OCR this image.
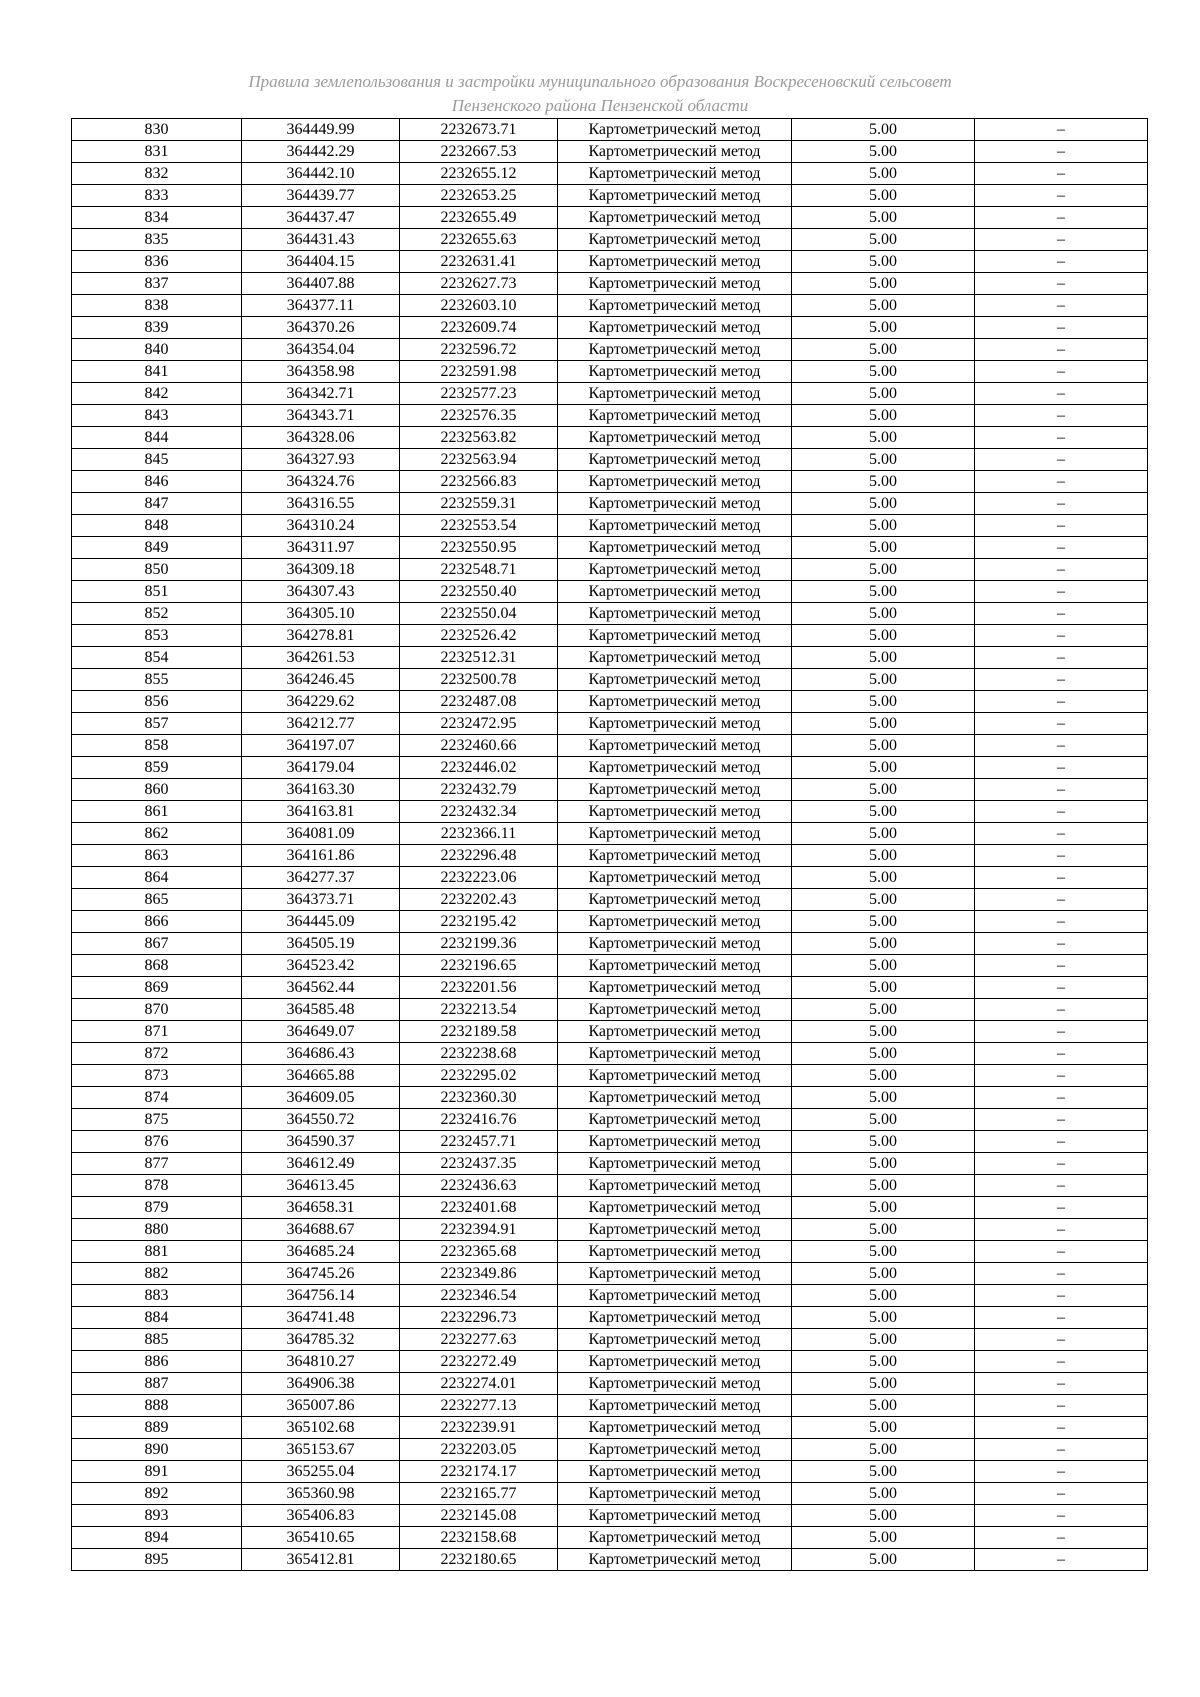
Правила землепользования и застройки муниципального образования Воскресеновский сельсовет
Пензенского района Пензенской области
830	364449.99	2232673.71	Картометрический метод	5.00	–
831	364442.29	2232667.53	Картометрический метод	5.00	–
832	364442.10	2232655.12	Картометрический метод	5.00	–
833	364439.77	2232653.25	Картометрический метод	5.00	–
834	364437.47	2232655.49	Картометрический метод	5.00	–
835	364431.43	2232655.63	Картометрический метод	5.00	–
836	364404.15	2232631.41	Картометрический метод	5.00	–
837	364407.88	2232627.73	Картометрический метод	5.00	–
838	364377.11	2232603.10	Картометрический метод	5.00	–
839	364370.26	2232609.74	Картометрический метод	5.00	–
840	364354.04	2232596.72	Картометрический метод	5.00	–
841	364358.98	2232591.98	Картометрический метод	5.00	–
842	364342.71	2232577.23	Картометрический метод	5.00	–
843	364343.71	2232576.35	Картометрический метод	5.00	–
844	364328.06	2232563.82	Картометрический метод	5.00	–
845	364327.93	2232563.94	Картометрический метод	5.00	–
846	364324.76	2232566.83	Картометрический метод	5.00	–
847	364316.55	2232559.31	Картометрический метод	5.00	–
848	364310.24	2232553.54	Картометрический метод	5.00	–
849	364311.97	2232550.95	Картометрический метод	5.00	–
850	364309.18	2232548.71	Картометрический метод	5.00	–
851	364307.43	2232550.40	Картометрический метод	5.00	–
852	364305.10	2232550.04	Картометрический метод	5.00	–
853	364278.81	2232526.42	Картометрический метод	5.00	–
854	364261.53	2232512.31	Картометрический метод	5.00	–
855	364246.45	2232500.78	Картометрический метод	5.00	–
856	364229.62	2232487.08	Картометрический метод	5.00	–
857	364212.77	2232472.95	Картометрический метод	5.00	–
858	364197.07	2232460.66	Картометрический метод	5.00	–
859	364179.04	2232446.02	Картометрический метод	5.00	–
860	364163.30	2232432.79	Картометрический метод	5.00	–
861	364163.81	2232432.34	Картометрический метод	5.00	–
862	364081.09	2232366.11	Картометрический метод	5.00	–
863	364161.86	2232296.48	Картометрический метод	5.00	–
864	364277.37	2232223.06	Картометрический метод	5.00	–
865	364373.71	2232202.43	Картометрический метод	5.00	–
866	364445.09	2232195.42	Картометрический метод	5.00	–
867	364505.19	2232199.36	Картометрический метод	5.00	–
868	364523.42	2232196.65	Картометрический метод	5.00	–
869	364562.44	2232201.56	Картометрический метод	5.00	–
870	364585.48	2232213.54	Картометрический метод	5.00	–
871	364649.07	2232189.58	Картометрический метод	5.00	–
872	364686.43	2232238.68	Картометрический метод	5.00	–
873	364665.88	2232295.02	Картометрический метод	5.00	–
874	364609.05	2232360.30	Картометрический метод	5.00	–
875	364550.72	2232416.76	Картометрический метод	5.00	–
876	364590.37	2232457.71	Картометрический метод	5.00	–
877	364612.49	2232437.35	Картометрический метод	5.00	–
878	364613.45	2232436.63	Картометрический метод	5.00	–
879	364658.31	2232401.68	Картометрический метод	5.00	–
880	364688.67	2232394.91	Картометрический метод	5.00	–
881	364685.24	2232365.68	Картометрический метод	5.00	–
882	364745.26	2232349.86	Картометрический метод	5.00	–
883	364756.14	2232346.54	Картометрический метод	5.00	–
884	364741.48	2232296.73	Картометрический метод	5.00	–
885	364785.32	2232277.63	Картометрический метод	5.00	–
886	364810.27	2232272.49	Картометрический метод	5.00	–
887	364906.38	2232274.01	Картометрический метод	5.00	–
888	365007.86	2232277.13	Картометрический метод	5.00	–
889	365102.68	2232239.91	Картометрический метод	5.00	–
890	365153.67	2232203.05	Картометрический метод	5.00	–
891	365255.04	2232174.17	Картометрический метод	5.00	–
892	365360.98	2232165.77	Картометрический метод	5.00	–
893	365406.83	2232145.08	Картометрический метод	5.00	–
894	365410.65	2232158.68	Картометрический метод	5.00	–
895	365412.81	2232180.65	Картометрический метод	5.00	–
